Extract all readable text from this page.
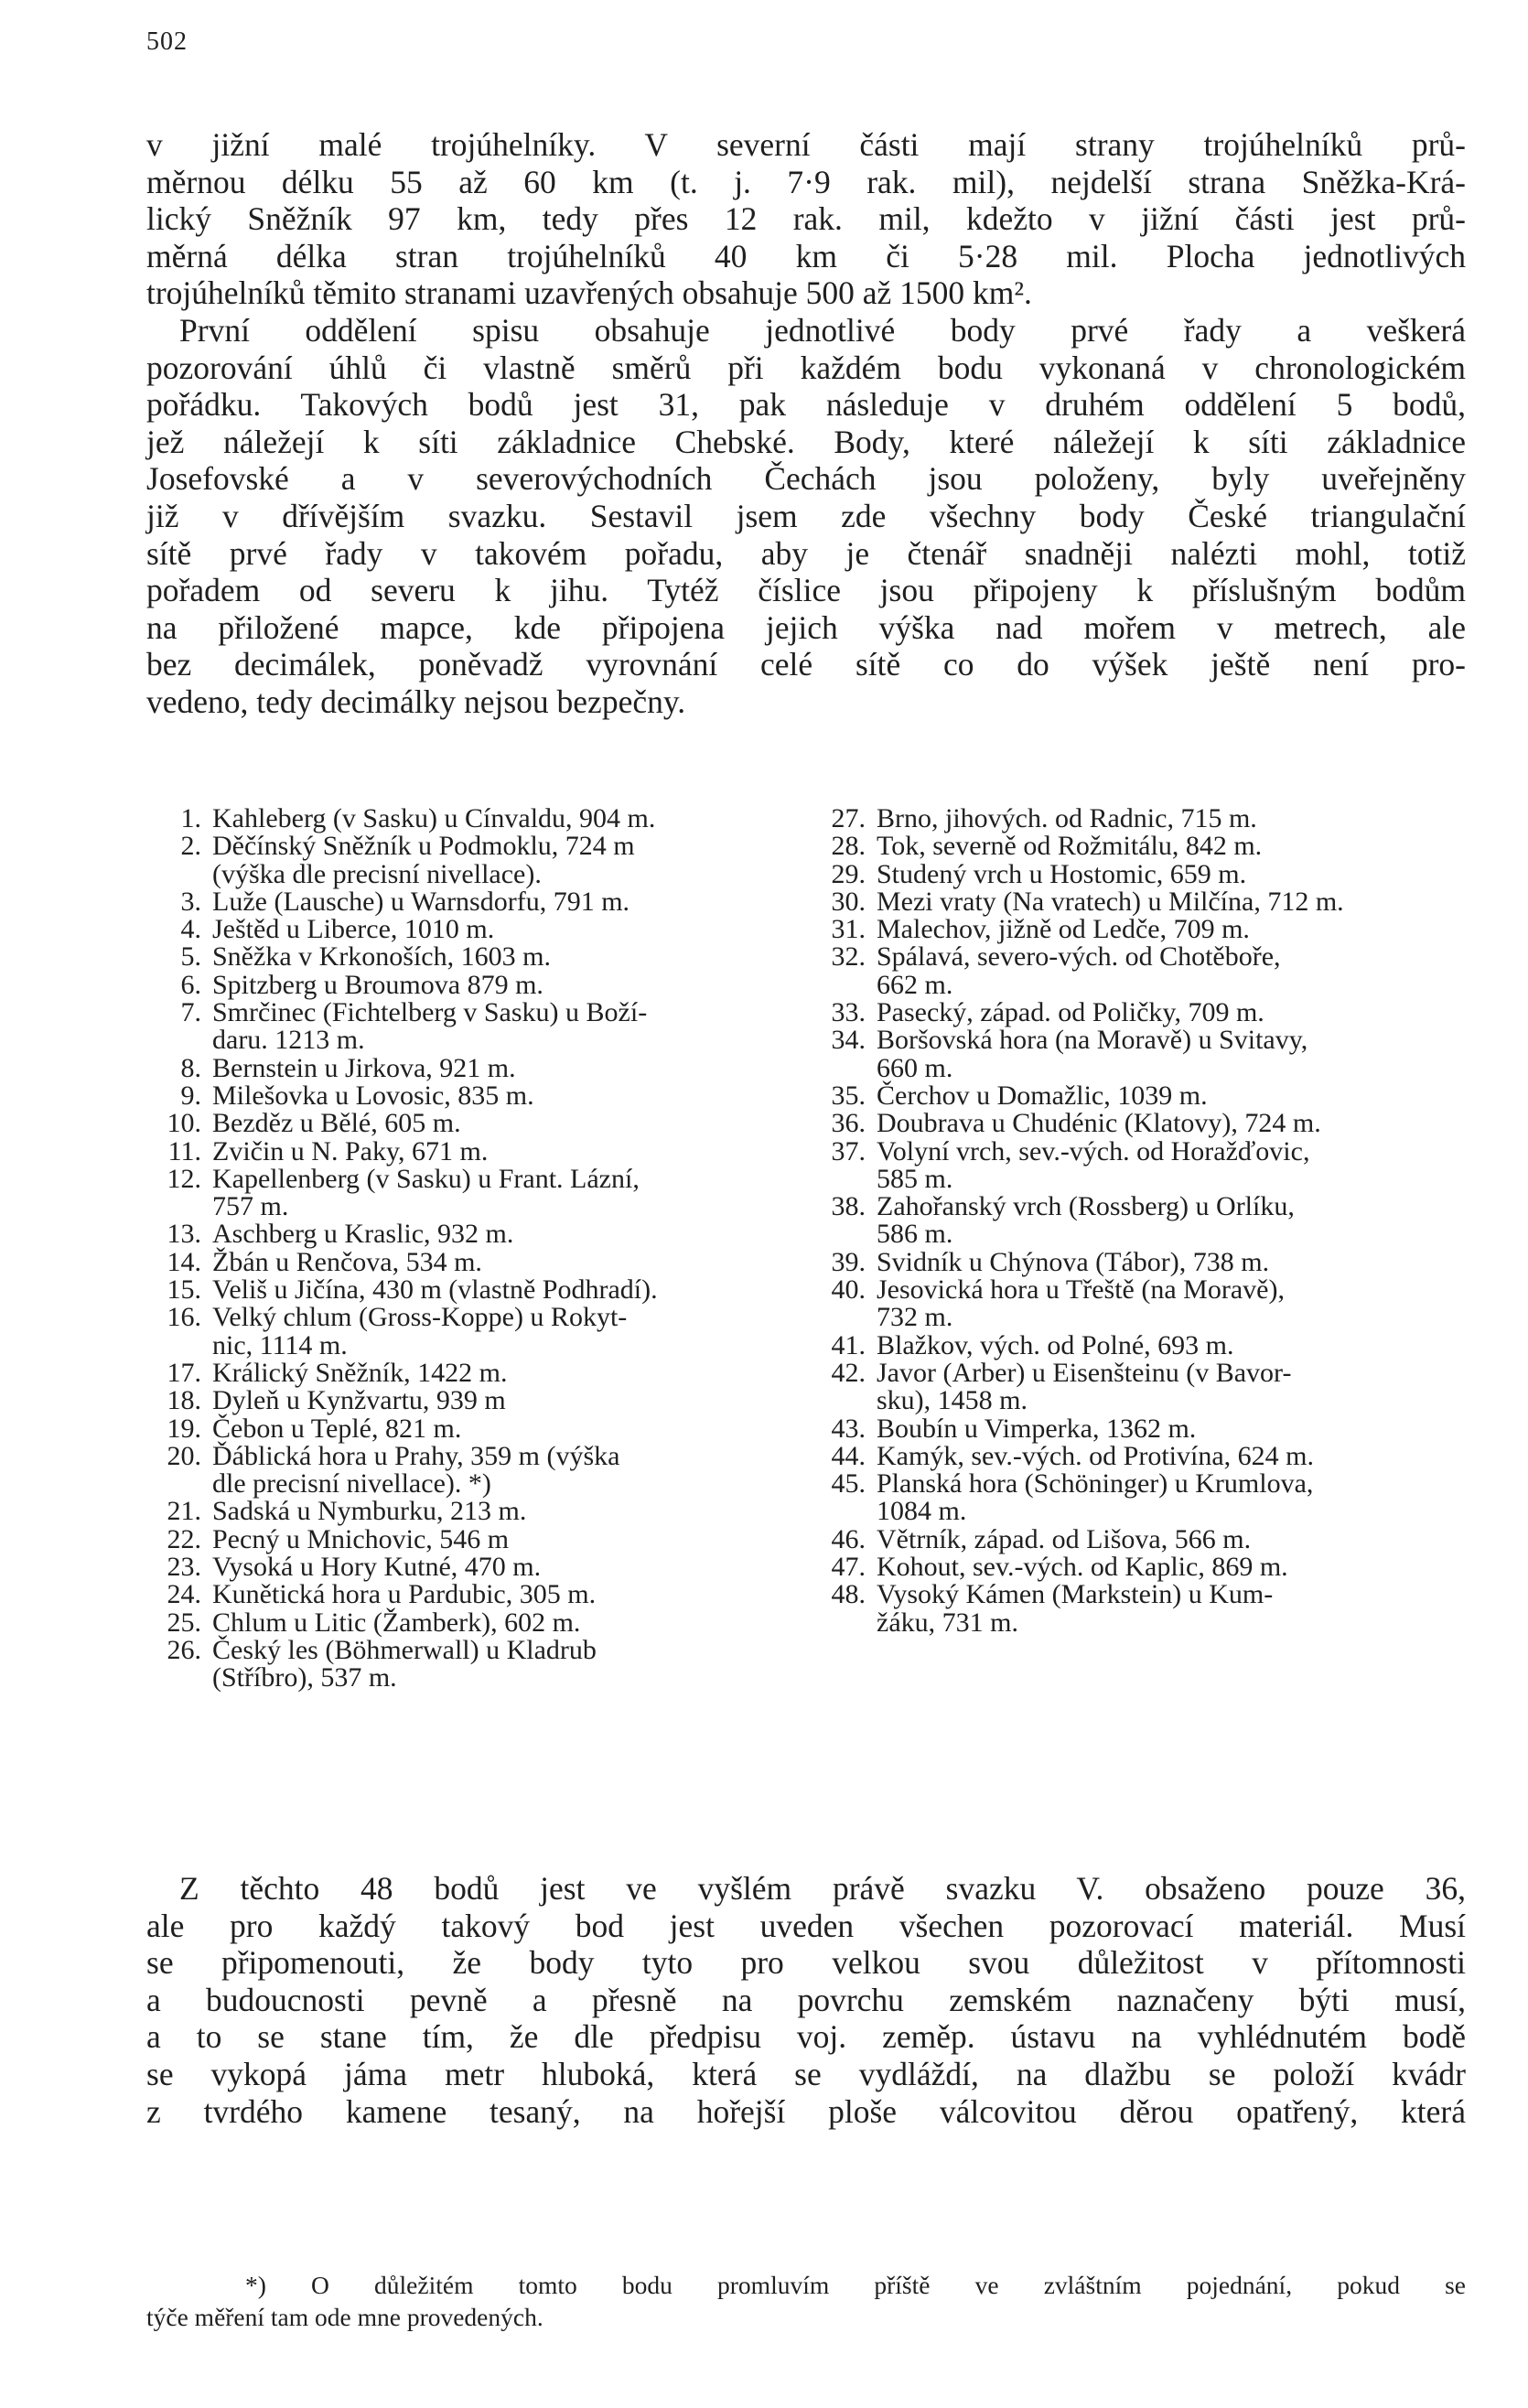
502
v jižní malé trojúhelníky. V severní části mají strany trojúhelníků prů-
měrnou délku 55 až 60 km (t. j. 7·9 rak. mil), nejdelší strana Sněžka-Krá-
lický Sněžník 97 km, tedy přes 12 rak. mil, kdežto v jižní části jest prů-
měrná délka stran trojúhelníků 40 km či 5·28 mil. Plocha jednotlivých
trojúhelníků těmito stranami uzavřených obsahuje 500 až 1500 km².
První oddělení spisu obsahuje jednotlivé body prvé řady a veškerá
pozorování úhlů či vlastně směrů při každém bodu vykonaná v chronologickém
pořádku. Takových bodů jest 31, pak následuje v druhém oddělení 5 bodů,
jež náležejí k síti základnice Chebské. Body, které náležejí k síti základnice
Josefovské a v severovýchodních Čechách jsou položeny, byly uveřejněny
již v dřívějším svazku. Sestavil jsem zde všechny body České triangulační
sítě prvé řady v takovém pořadu, aby je čtenář snadněji nalézti mohl, totiž
pořadem od severu k jihu. Tytéž číslice jsou připojeny k příslušným bodům
na přiložené mapce, kde připojena jejich výška nad mořem v metrech, ale
bez decimálek, poněvadž vyrovnání celé sítě co do výšek ještě není pro-
vedeno, tedy decimálky nejsou bezpečny.
1. Kahleberg (v Sasku) u Cínvaldu, 904 m.
2. Děčínský Sněžník u Podmoklu, 724 m
(výška dle precisní nivellace).
3. Luže (Lausche) u Warnsdorfu, 791 m.
4. Ještěd u Liberce, 1010 m.
5. Sněžka v Krkonoších, 1603 m.
6. Spitzberg u Broumova 879 m.
7. Smrčinec (Fichtelberg v Sasku) u Boží-
daru. 1213 m.
8. Bernstein u Jirkova, 921 m.
9. Milešovka u Lovosic, 835 m.
10. Bezděz u Bělé, 605 m.
11. Zvičin u N. Paky, 671 m.
12. Kapellenberg (v Sasku) u Frant. Lázní,
757 m.
13. Aschberg u Kraslic, 932 m.
14. Žbán u Renčova, 534 m.
15. Veliš u Jičína, 430 m (vlastně Podhradí).
16. Velký chlum (Gross-Koppe) u Rokyt-
nic, 1114 m.
17. Králický Sněžník, 1422 m.
18. Dyleň u Kynžvartu, 939 m
19. Čebon u Teplé, 821 m.
20. Ďáblická hora u Prahy, 359 m (výška
dle precisní nivellace). *)
21. Sadská u Nymburku, 213 m.
22. Pecný u Mnichovic, 546 m
23. Vysoká u Hory Kutné, 470 m.
24. Kunětická hora u Pardubic, 305 m.
25. Chlum u Litic (Žamberk), 602 m.
26. Český les (Böhmerwall) u Kladrub
(Stříbro), 537 m.
27. Brno, jihových. od Radnic, 715 m.
28. Tok, severně od Rožmitálu, 842 m.
29. Studený vrch u Hostomic, 659 m.
30. Mezi vraty (Na vratech) u Milčína, 712 m.
31. Malechov, jižně od Ledče, 709 m.
32. Spálavá, severo-vých. od Chotěboře,
662 m.
33. Pasecký, západ. od Poličky, 709 m.
34. Boršovská hora (na Moravě) u Svitavy,
660 m.
35. Čerchov u Domažlic, 1039 m.
36. Doubrava u Chudénic (Klatovy), 724 m.
37. Volyní vrch, sev.-vých. od Horažďovic,
585 m.
38. Zahořanský vrch (Rossberg) u Orlíku,
586 m.
39. Svidník u Chýnova (Tábor), 738 m.
40. Jesovická hora u Třeště (na Moravě),
732 m.
41. Blažkov, vých. od Polné, 693 m.
42. Javor (Arber) u Eisenšteinu (v Bavor-
sku), 1458 m.
43. Boubín u Vimperka, 1362 m.
44. Kamýk, sev.-vých. od Protivína, 624 m.
45. Planská hora (Schöninger) u Krumlova,
1084 m.
46. Větrník, západ. od Lišova, 566 m.
47. Kohout, sev.-vých. od Kaplic, 869 m.
48. Vysoký Kámen (Markstein) u Kum-
žáku, 731 m.
Z těchto 48 bodů jest ve vyšlém právě svazku V. obsaženo pouze 36,
ale pro každý takový bod jest uveden všechen pozorovací materiál. Musí
se připomenouti, že body tyto pro velkou svou důležitost v přítomnosti
a budoucnosti pevně a přesně na povrchu zemském naznačeny býti musí,
a to se stane tím, že dle předpisu voj. zeměp. ústavu na vyhlédnutém bodě
se vykopá jáma metr hluboká, která se vydláždí, na dlažbu se položí kvádr
z tvrdého kamene tesaný, na hořejší ploše válcovitou děrou opatřený, která
*) O důležitém tomto bodu promluvím příště ve zvláštním pojednání, pokud se
týče měření tam ode mne provedených.
